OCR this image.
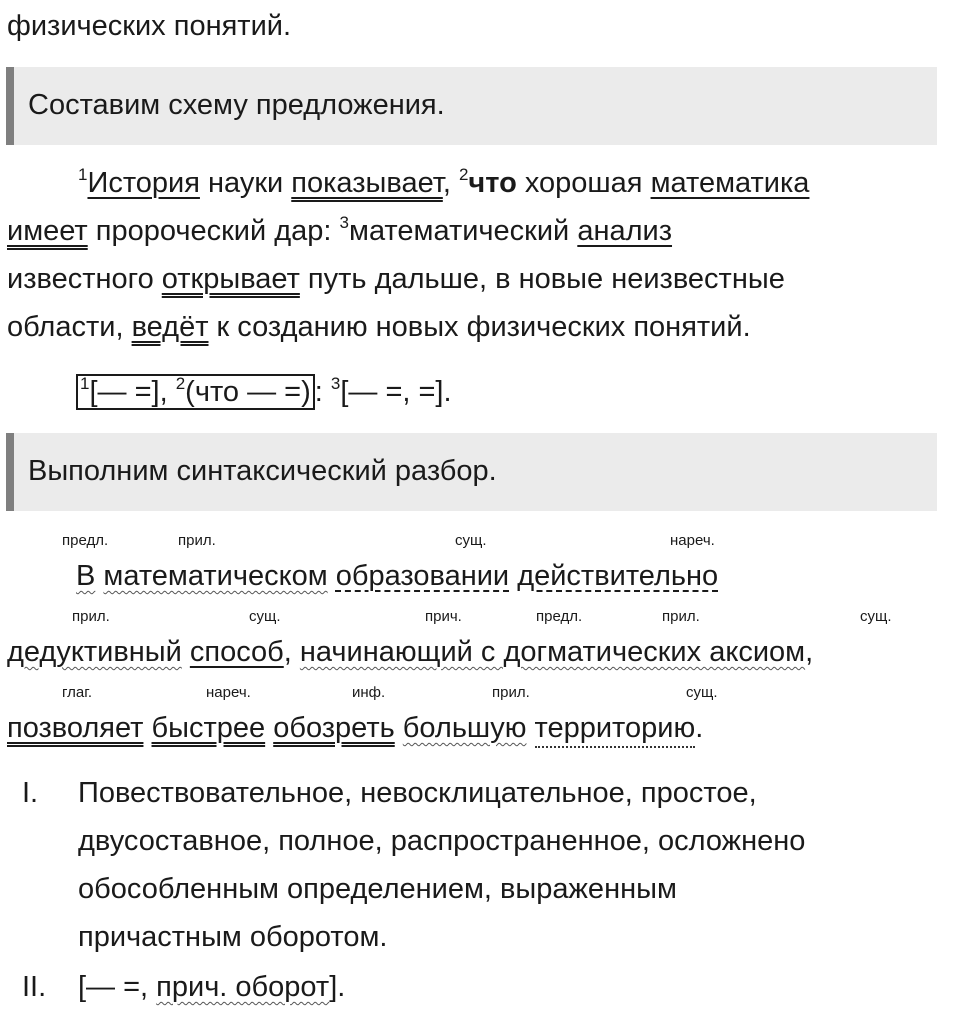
физических понятий.
Составим схему предложения.
$^1$История науки показывает, $^2$что хорошая математика
имеет пророческий дар: $^3$математический анализ
известного открывает путь дальше, в новые неизвестные
области, ведёт к созданию новых физических понятий.
$^1$[— =], $^2$(что — =) : $^3$[— =, =].
Выполним синтаксический разбор.
предл.	прил.	сущ.	нареч.
В математическом образовании действительно
прил.	сущ.	прич.	предл.	прил.	сущ.
дедуктивный способ, начинающий с догматических аксиом,
глаг.	нареч.	инф.	прил.	сущ.
позволяет быстрее обозреть большую территорию.
I. Повествовательное, невосклицательное, простое,
двусоставное, полное, распространенное, осложнено
обособленным определением, выраженным
причастным оборотом.
II. [— =, прич. оборот].
